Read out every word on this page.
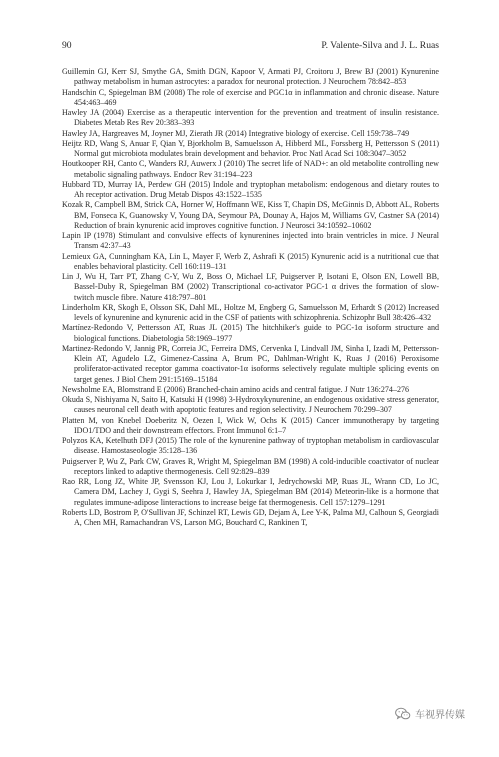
90	P. Valente-Silva and J. L. Ruas

Guillemin GJ, Kerr SJ, Smythe GA, Smith DGN, Kapoor V, Armati PJ, Croitoru J, Brew BJ (2001) Kynurenine pathway metabolism in human astrocytes: a paradox for neuronal protection. J Neurochem 78:842–853

Handschin C, Spiegelman BM (2008) The role of exercise and PGC1α in inflammation and chronic disease. Nature 454:463–469

Hawley JA (2004) Exercise as a therapeutic intervention for the prevention and treatment of insulin resistance. Diabetes Metab Res Rev 20:383–393

Hawley JA, Hargreaves M, Joyner MJ, Zierath JR (2014) Integrative biology of exercise. Cell 159:738–749

Heijtz RD, Wang S, Anuar F, Qian Y, Bjorkholm B, Samuelsson A, Hibberd ML, Forssberg H, Pettersson S (2011) Normal gut microbiota modulates brain development and behavior. Proc Natl Acad Sci 108:3047–3052

Houtkooper RH, Canto C, Wanders RJ, Auwerx J (2010) The secret life of NAD+: an old metabolite controlling new metabolic signaling pathways. Endocr Rev 31:194–223

Hubbard TD, Murray IA, Perdew GH (2015) Indole and tryptophan metabolism: endogenous and dietary routes to Ah receptor activation. Drug Metab Dispos 43:1522–1535

Kozak R, Campbell BM, Strick CA, Horner W, Hoffmann WE, Kiss T, Chapin DS, McGinnis D, Abbott AL, Roberts BM, Fonseca K, Guanowsky V, Young DA, Seymour PA, Dounay A, Hajos M, Williams GV, Castner SA (2014) Reduction of brain kynurenic acid improves cognitive function. J Neurosci 34:10592–10602

Lapin IP (1978) Stimulant and convulsive effects of kynurenines injected into brain ventricles in mice. J Neural Transm 42:37–43

Lemieux GA, Cunningham KA, Lin L, Mayer F, Werb Z, Ashrafi K (2015) Kynurenic acid is a nutritional cue that enables behavioral plasticity. Cell 160:119–131

Lin J, Wu H, Tarr PT, Zhang C-Y, Wu Z, Boss O, Michael LF, Puigserver P, Isotani E, Olson EN, Lowell BB, Bassel-Duby R, Spiegelman BM (2002) Transcriptional co-activator PGC-1 α drives the formation of slow-twitch muscle fibre. Nature 418:797–801

Linderholm KR, Skogh E, Olsson SK, Dahl ML, Holtze M, Engberg G, Samuelsson M, Erhardt S (2012) Increased levels of kynurenine and kynurenic acid in the CSF of patients with schizophrenia. Schizophr Bull 38:426–432

Martínez-Redondo V, Pettersson AT, Ruas JL (2015) The hitchhiker's guide to PGC-1α isoform structure and biological functions. Diabetologia 58:1969–1977

Martinez-Redondo V, Jannig PR, Correia JC, Ferreira DMS, Cervenka I, Lindvall JM, Sinha I, Izadi M, Pettersson-Klein AT, Agudelo LZ, Gimenez-Cassina A, Brum PC, Dahlman-Wright K, Ruas J (2016) Peroxisome proliferator-activated receptor gamma coactivator-1α isoforms selectively regulate multiple splicing events on target genes. J Biol Chem 291:15169–15184

Newsholme EA, Blomstrand E (2006) Branched-chain amino acids and central fatigue. J Nutr 136:274–276

Okuda S, Nishiyama N, Saito H, Katsuki H (1998) 3-Hydroxykynurenine, an endogenous oxidative stress generator, causes neuronal cell death with apoptotic features and region selectivity. J Neurochem 70:299–307

Platten M, von Knebel Doeberitz N, Oezen I, Wick W, Ochs K (2015) Cancer immunotherapy by targeting IDO1/TDO and their downstream effectors. Front Immunol 6:1–7

Polyzos KA, Ketelhuth DFJ (2015) The role of the kynurenine pathway of tryptophan metabolism in cardiovascular disease. Hamostaseologie 35:128–136

Puigserver P, Wu Z, Park CW, Graves R, Wright M, Spiegelman BM (1998) A cold-inducible coactivator of nuclear receptors linked to adaptive thermogenesis. Cell 92:829–839

Rao RR, Long JZ, White JP, Svensson KJ, Lou J, Lokurkar I, Jedrychowski MP, Ruas JL, Wrann CD, Lo JC, Camera DM, Lachey J, Gygi S, Seehra J, Hawley JA, Spiegelman BM (2014) Meteorin-like is a hormone that regulates immune-adipose linteractions to increase beige fat thermogenesis. Cell 157:1279–1291

Roberts LD, Bostrom P, O'Sullivan JF, Schinzel RT, Lewis GD, Dejam A, Lee Y-K, Palma MJ, Calhoun S, Georgiadi A, Chen MH, Ramachandran VS, Larson MG, Bouchard C, Rankinen T,

车视界传媒
